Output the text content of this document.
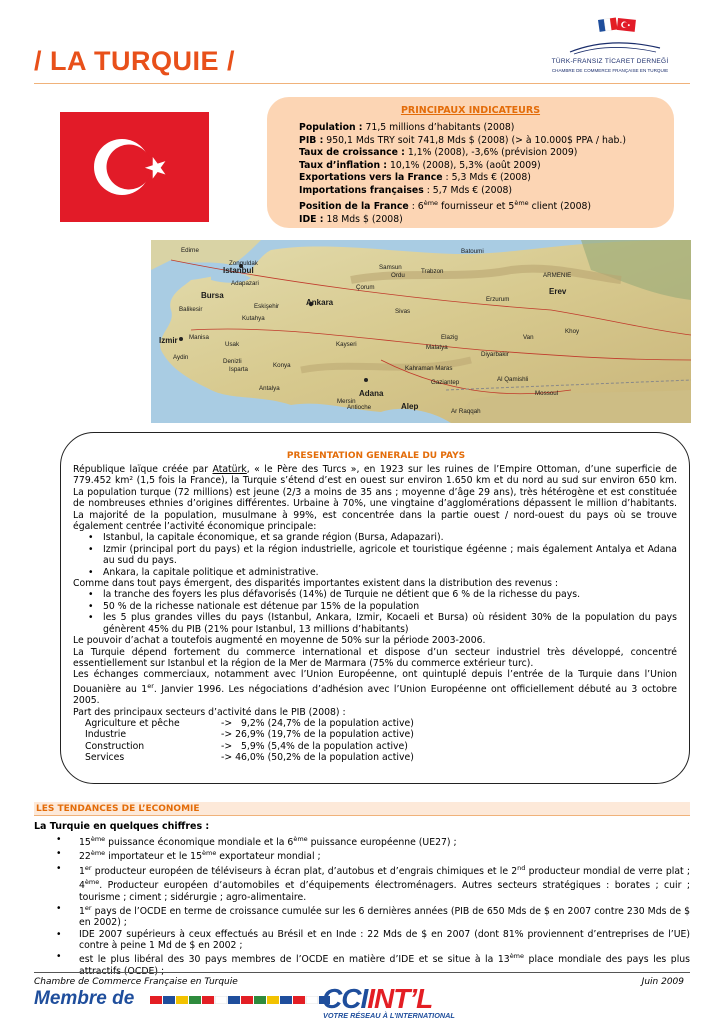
/ LA TURQUIE /	TÜRK-FRANSIZ TİCARET DERNEĞİ
CHAMBRE DE COMMERCE FRANÇAISE EN TURQUIE
PRINCIPAUX INDICATEURS
Population : 71,5 millions d’habitants (2008)
PIB : 950,1 Mds TRY soit 741,8 Mds $ (2008) (> à 10.000$ PPA / hab.)
Taux de croissance : 1,1% (2008), -3,6% (prévision 2009)
Taux d’inflation : 10,1% (2008), 5,3% (août 2009)
Exportations vers la France : 5,3 Mds € (2008)
Importations françaises : 5,7 Mds € (2008)
Position de la France : 6ème fournisseur et 5ème client (2008)
IDE : 18 Mds $ (2008)
Edirne
Zonguldak
Istanbul
Adapazari
Bursa
Balikesir	Eskişehir
Kutahya
Ankara
Izmir Manisa
Usak
Aydin
Denizli
Isparta
Konya
Antalya
Adana
Antioche	Alep
Gaziantep
Kahraman Maras
Malatya
Elazig
Diyarbakir
Sivas
Samsun
Ordu
Trabzon
Batoumi
Erzurum
Van
Khoy
Kayseri
Çorum
Mersin
Al Qamishli
Mossoul
Ar Raqqah
ARMENIE
Erev
PRESENTATION GENERALE DU PAYS

République laïque créée par Atatürk, « le Père des Turcs », en 1923 sur les ruines de l’Empire Ottoman, d’une superficie de 779.452 km² (1,5 fois la France), la Turquie s’étend d’est en ouest sur environ 1.650 km et du nord au sud sur environ 650 km. La population turque (72 millions) est jeune (2/3 a moins de 35 ans ; moyenne d’âge 29 ans), très hétérogène et est constituée de nombreuses ethnies d’origines différentes. Urbaine à 70%, une vingtaine d’agglomérations dépassent le million d’habitants. La majorité de la population, musulmane à 99%, est concentrée dans la partie ouest / nord-ouest du pays où se trouve également centrée l’activité économique principale:

• Istanbul, la capitale économique, et sa grande région (Bursa, Adapazari).
• Izmir (principal port du pays) et la région industrielle, agricole et touristique égéenne ; mais également Antalya et Adana au sud du pays.
• Ankara, la capitale politique et administrative.

Comme dans tout pays émergent, des disparités importantes existent dans la distribution des revenus :

• la tranche des foyers les plus défavorisés (14%) de Turquie ne détient que 6 % de la richesse du pays.
• 50 % de la richesse nationale est détenue par 15% de la population
• les 5 plus grandes villes du pays (Istanbul, Ankara, Izmir, Kocaeli et Bursa) où résident 30% de la population du pays génèrent 45% du PIB (21% pour Istanbul, 13 millions d’habitants)

Le pouvoir d’achat a toutefois augmenté en moyenne de 50% sur la période 2003-2006.

La Turquie dépend fortement du commerce international et dispose d’un secteur industriel très développé, concentré essentiellement sur Istanbul et la région de la Mer de Marmara (75% du commerce extérieur turc).

Les échanges commerciaux, notamment avec l’Union Européenne, ont quintuplé depuis l’entrée de la Turquie dans l’Union Douanière au 1er. Janvier 1996. Les négociations d’adhésion avec l’Union Européenne ont officiellement débuté au 3 octobre 2005.

Part des principaux secteurs d’activité dans le PIB (2008) :

Agriculture et pêche	->   9,2% (24,7% de la population active)
Industrie	-> 26,9% (19,7% de la population active)
Construction	->   5,9% (5,4% de la population active)
Services	-> 46,0% (50,2% de la population active)
LES TENDANCES DE L’ECONOMIE
La Turquie en quelques chiffres :
• 15ème puissance économique mondiale et la 6ème puissance européenne (UE27) ;
• 22ème importateur et le 15ème exportateur mondial ;
• 1er producteur européen de téléviseurs à écran plat, d’autobus et d’engrais chimiques et le 2nd producteur mondial de verre plat ; 4ème. Producteur européen d’automobiles et d’équipements électroménagers. Autres secteurs stratégiques : borates ; cuir ; tourisme ; ciment ; sidérurgie ; agro-alimentaire.
• 1er pays de l’OCDE en terme de croissance cumulée sur les 6 dernières années (PIB de 650 Mds de $ en 2007 contre 230 Mds de $ en 2002) ;
• IDE 2007 supérieurs à ceux effectués au Brésil et en Inde : 22 Mds de $ en 2007 (dont 81% proviennent d’entreprises de l’UE) contre à peine 1 Md de $ en 2002 ;
• est le plus libéral des 30 pays membres de l’OCDE en matière d’IDE et se situe à la 13ème place mondiale des pays les plus
Chambre de Commerce Française en Turquie	Juin 2009
Membre de	CCIINT’L
VOTRE RÉSEAU À L’INTERNATIONAL
